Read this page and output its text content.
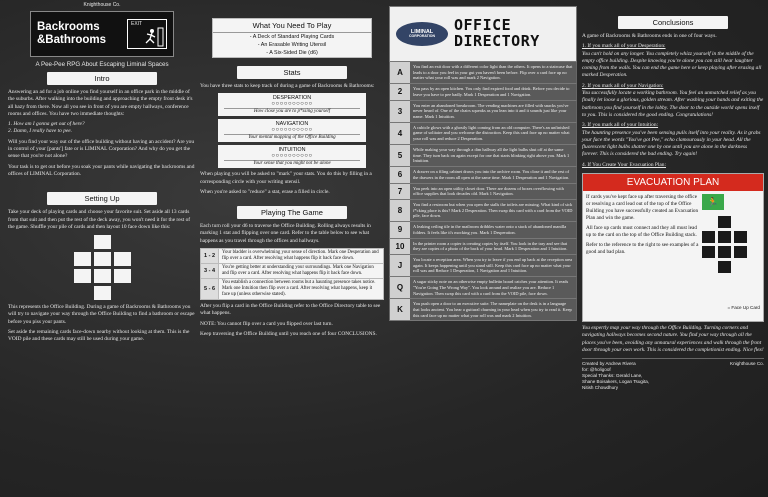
Knighthouse Co.
Backrooms
&Bathrooms
EXIT
A Pee-Pee RPG About Escaping Liminal Spaces
Intro

Answering an ad for a job online you find yourself in an office park in the middle of the suburbs. After walking into the building and approaching the empty front desk it's all hazy from there. Now all you see in front of you are empty hallways, conference rooms and offices. You have two immediate thoughts:

1. How am I gonna get out of here?

2. Damn, I really have to pee.

Will you find your way out of the office building without having an accident? Are you in control of your [pants'] fate or is LIMINAL Corporation? And why do you get the sense that you're not alone?

Your task is to get out before you soak your pants while navigating the backrooms and offices of LIMINAL Corporation.

Setting Up

Take your deck of playing cards and choose your favorite suit. Set aside all 13 cards from that suit and then put the rest of the deck away, you won't need it for the rest of the game. Shuffle your pile of cards and then layout 10 face down like this:

This represents the Office Building. During a game of Backrooms & Bathrooms you will try to navigate your way through the Office Building to find a bathroom or escape before you piss your pants.

Set aside the remaining cards face-down nearby without looking at them. This is the VOID pile and these cards may still be used during your game.

What You Need To Play
- A Deck of Standard Playing Cards
- An Erasable Writing Utensil
- A Six-Sided Die (d6)
Stats

You have three stats to keep track of during a game of Backrooms & Bathrooms:

DESPERATION
○○○○○○○○○○
How close you are to p*ssing yourself
NAVIGATION
○○○○○○○○○○
Your mental mapping of the Office Building
INTUITION
○○○○○○○○○○
Your sense that you might not be alone

When playing you will be asked to "mark" your stats. You do this by filling in a corresponding circle with your writing utensil.

When you're asked to "reduce" a stat, erase a filled in circle.

Playing The Game

Each turn roll your d6 to traverse the Office Building. Rolling always results in marking 1 stat and flipping over one card. Refer to the table below to see what happens as you travel through the offices and hallways.

1 - 2	Your bladder is overwhelming your sense of direction. Mark one Desperation and flip over a card. After resolving what happens flip it back face down.
3 - 4	You're getting better at understanding your surroundings. Mark one Navigation and flip over a card. After resolving what happens flip it back face down.
5 - 6	You establish a connection between rooms but a haunting presence takes notice. Mark one Intuition then flip over a card. After resolving what happens, keep it face up (unless otherwise stated).

After you flip a card in the Office Building refer to the Office Directory table to see what happens.

NOTE: You cannot flip over a card you flipped over last turn.

Keep traversing the Office Building until you reach one of four CONCLUSIONS.

LIMINAL
CORPORATION
OFFICE
DIRECTORY
A
You find an exit door with a different color light than the others. It opens to a staircase that leads to a door you feel in your gut you haven't been before. Flip over a card face up no matter what your roll was and mark 2 Navigation.
2	You pass by an open kitchen. You only find expired food and drink. Before you decide to leave you have to pee badly. Mark 1 Desperation and 1 Navigation.
3
You enter an abandoned breakroom. The vending machines are filled with snacks you've never heard of. One of the chairs squeaks as you lean into it and it sounds just like your name. Mark 1 Intuition.
4
A cubicle glows with a ghostly light coming from an old computer. There's an unfinished game of solitaire and you welcome the distraction. Keep this card face up no matter what your roll was and reduce 2 Desperation.
5
While making your way through a dim hallway all the light bulbs shut off at the same time. They turn back on again except for one that starts blinking right above you. Mark 1 Intuition.
6	A drawer on a filing cabinet draws you into the archive room. You close it and the rest of the drawers in the room all open at the same time. Mark 1 Desperation and 1 Navigation.
7	You peek into an open utility closet door. There are dozens of boxes overflowing with office supplies that look decades old. Mark 1 Navigation.
8
You find a restroom but when you open the stalls the toilets are missing. What kind of sick f*cking place is this? Mark 2 Desperation. Then swap this card with a card from the VOID pile, face down.
9	A leaking ceiling tile in the mailroom dribbles water onto a stack of abandoned manilla folders. It feels like it's mocking you. Mark 1 Desperation.
10	In the printer room a copier is creating copies by itself. You look in the tray and see that they are copies of a photo of the back of your head. Mark 1 Desperation and 1 Intuition.
J
You locate a reception area. When you try to leave if you end up back at the reception area again. It keeps happening until you stand still. Keep this card face up no matter what your roll was and Reduce 1 Desperation, 1 Navigation and 1 Intuition.
Q
A sugar sticky note on an otherwise empty bulletin board catches your attention. It reads "You're Going The Wrong Way". You look around and realize you are. Reduce 1 Navigation. Then swap this card with a card from the VOID pile, face down.
K
You push open a door to an executive suite. The nameplate on the desk is in a language that looks ancient. You hear a guttural churning in your head when you try to read it. Keep this card face up no matter what your roll was and mark 2 Intuition.
Conclusions

A game of Backrooms & Bathrooms ends in one of four ways.

1. If you mark all of your Desperation:

You can't hold on any longer. You completely whizz yourself in the middle of the empty office building. Despite knowing you're alone you can still hear laughter coming from the walls. You can end the game here or keep playing after erasing all marked Desperation.

2. If you mark all of your Navigation:

You successfully locate a working bathroom. You feel an unmatched relief as you finally let loose a glorious, golden stream. After washing your hands and exiting the bathroom you find yourself in the lobby. The door to the outside world opens itself to you. This is considered the good ending. Congratulations!

3. If you mark all of your Intuition:

The haunting presence you've been sensing pulls itself into your reality. As it grabs your face the words "You've got Pee," echo clamourously in your head. All the fluorescent light bulbs shatter one by one until you are alone in the darkness forever. This is considered the bad ending. Try again!

4. If You Create Your Evacuation Plan:

EVACUATION PLAN

If cards you've kept face up after traversing the office or resolving a card lead out of the top of the Office Building you have successfully created an Evacuation Plan and win the game.

All face up cards must connect and they all must lead up to the card on the top of the Office Building stack.

Refer to the reference to the right to see examples of a good and bad plan.

🏃
= Face Up Card

You expertly map your way through the Office Building. Turning corners and navigating hallways becomes second nature. You find your way through all the places you've been, avoiding any unnatural experiences and walk through the front door through your own work. This is considered the completionist ending. Nice flex!

Created by Andrew Rivera
for: @holigoof
Special Thanks: Gerald Lane,
Shane Boisakers, Logan Tsugita,
Nitish Chowdhury
Knighthouse Co.
